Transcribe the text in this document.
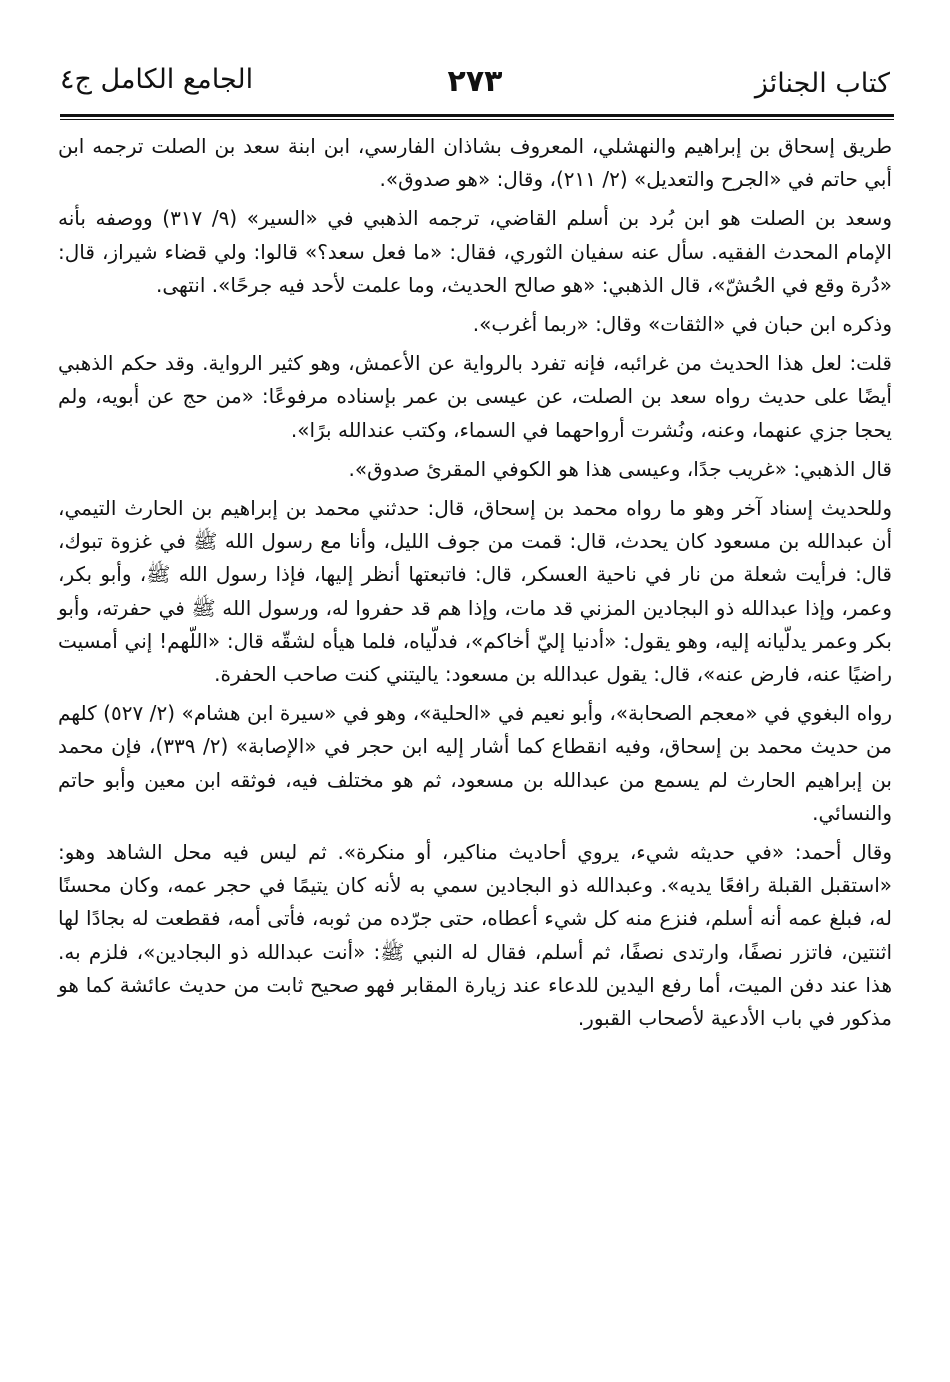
كتاب الجنائز
٢٧٣
الجامع الكامل ج٤

طريق إسحاق بن إبراهيم والنهشلي، المعروف بشاذان الفارسي، ابن ابنة سعد بن الصلت ترجمه ابن أبي حاتم في «الجرح والتعديل» (٢/ ٢١١)، وقال: «هو صدوق».

وسعد بن الصلت هو ابن بُرد بن أسلم القاضي، ترجمه الذهبي في «السير» (٩/ ٣١٧) ووصفه بأنه الإمام المحدث الفقيه. سأل عنه سفيان الثوري، فقال: «ما فعل سعد؟» قالوا: ولي قضاء شيراز، قال: «دُرة وقع في الحُشّ»، قال الذهبي: «هو صالح الحديث، وما علمت لأحد فيه جرحًا». انتهى.

وذكره ابن حبان في «الثقات» وقال: «ربما أغرب».

قلت: لعل هذا الحديث من غرائبه، فإنه تفرد بالرواية عن الأعمش، وهو كثير الرواية. وقد حكم الذهبي أيضًا على حديث رواه سعد بن الصلت، عن عيسى بن عمر بإسناده مرفوعًا: «من حج عن أبويه، ولم يحجا جزي عنهما، وعنه، ونُشرت أرواحهما في السماء، وكتب عندالله برًا».

قال الذهبي: «غريب جدًا، وعيسى هذا هو الكوفي المقرئ صدوق».

وللحديث إسناد آخر وهو ما رواه محمد بن إسحاق، قال: حدثني محمد بن إبراهيم بن الحارث التيمي، أن عبدالله بن مسعود كان يحدث، قال: قمت من جوف الليل، وأنا مع رسول الله ﷺ في غزوة تبوك، قال: فرأيت شعلة من نار في ناحية العسكر، قال: فاتبعتها أنظر إليها، فإذا رسول الله ﷺ، وأبو بكر، وعمر، وإذا عبدالله ذو البجادين المزني قد مات، وإذا هم قد حفروا له، ورسول الله ﷺ في حفرته، وأبو بكر وعمر يدلّيانه إليه، وهو يقول: «أدنيا إليّ أخاكم»، فدلّياه، فلما هيأه لشقّه قال: «اللّهم! إني أمسيت راضيًا عنه، فارض عنه»، قال: يقول عبدالله بن مسعود: ياليتني كنت صاحب الحفرة.

رواه البغوي في «معجم الصحابة»، وأبو نعيم في «الحلية»، وهو في «سيرة ابن هشام» (٢/ ٥٢٧) كلهم من حديث محمد بن إسحاق، وفيه انقطاع كما أشار إليه ابن حجر في «الإصابة» (٢/ ٣٣٩)، فإن محمد بن إبراهيم الحارث لم يسمع من عبدالله بن مسعود، ثم هو مختلف فيه، فوثقه ابن معين وأبو حاتم والنسائي.

وقال أحمد: «في حديثه شيء، يروي أحاديث مناكير، أو منكرة». ثم ليس فيه محل الشاهد وهو: «استقبل القبلة رافعًا يديه». وعبدالله ذو البجادين سمي به لأنه كان يتيمًا في حجر عمه، وكان محسنًا له، فبلغ عمه أنه أسلم، فنزع منه كل شيء أعطاه، حتى جرّده من ثوبه، فأتى أمه، فقطعت له بجادًا لها اثنتين، فاتزر نصفًا، وارتدى نصفًا، ثم أسلم، فقال له النبي ﷺ: «أنت عبدالله ذو البجادين»، فلزم به. هذا عند دفن الميت، أما رفع اليدين للدعاء عند زيارة المقابر فهو صحيح ثابت من حديث عائشة كما هو مذكور في باب الأدعية لأصحاب القبور.
